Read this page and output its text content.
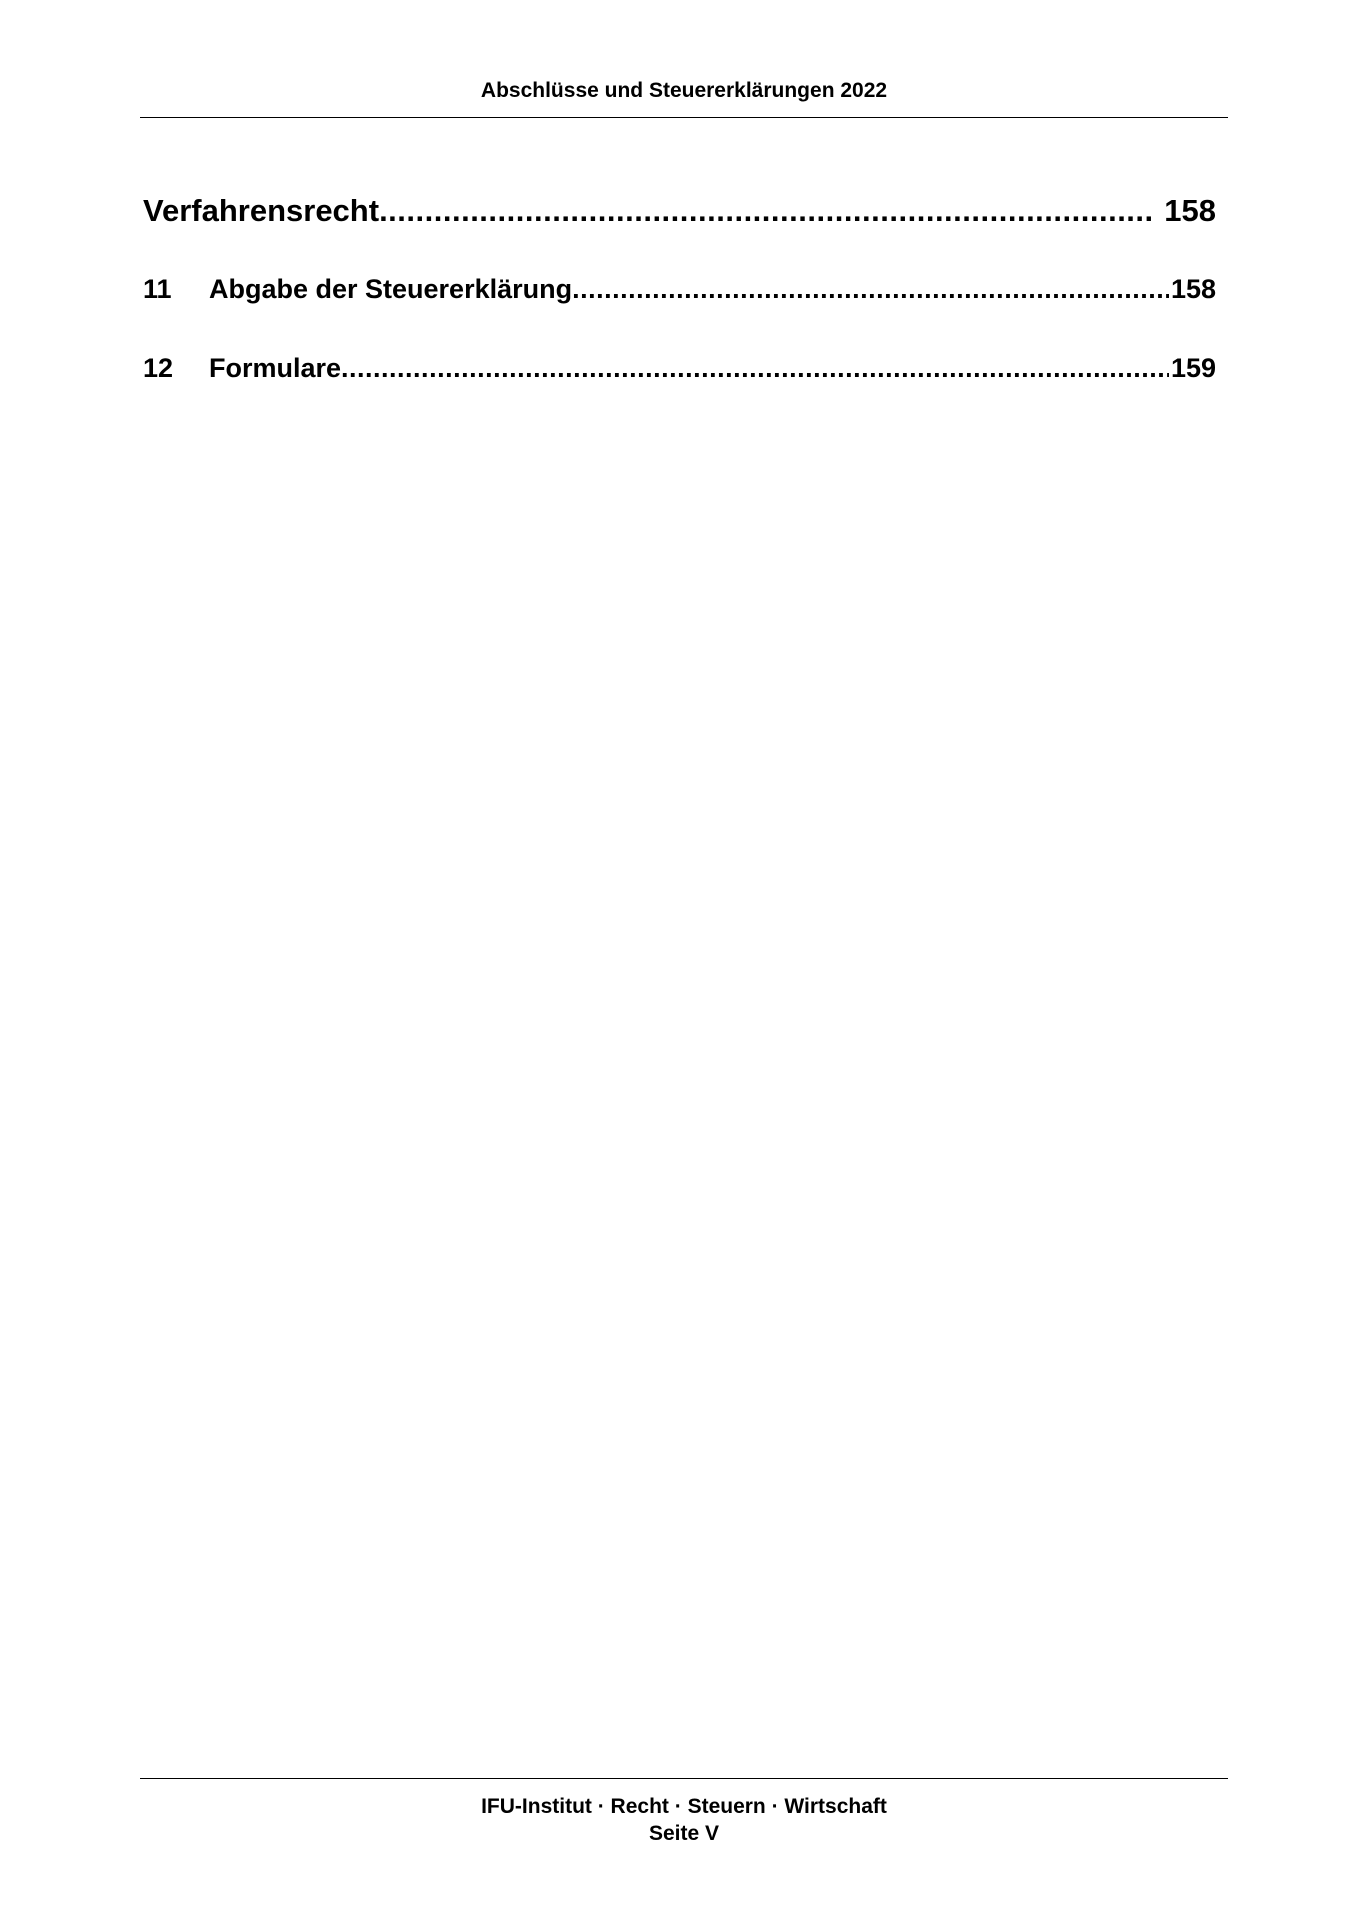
Abschlüsse und Steuererklärungen 2022
Verfahrensrecht .....	158
11	Abgabe der Steuererklärung .....	158
12	Formulare .....	159
IFU-Institut · Recht · Steuern · Wirtschaft
Seite V
